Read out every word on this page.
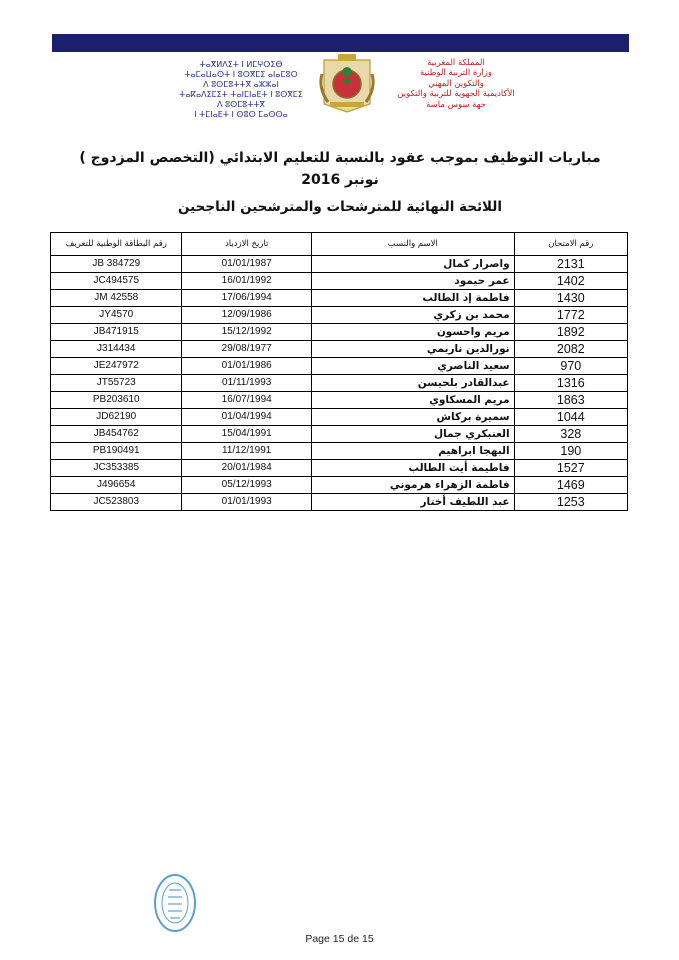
ⵜⴰⴳⵍⴷⵉⵜ ⵏ ⵍⵎⵖⵔⵉⴱ
ⵜⴰⵎⴰⵡⴰⵙⵜ ⵏ ⵓⵙⴳⵎⵉ ⴰⵏⴰⵎⵓⵔ
ⴷ ⵓⵙⵎⵓⵜⵜⴳ ⴰⵣⵣⴰⵏ
ⵜⴰⴽⴰⴷⵉⵎⵉⵜ ⵜⴰⵏⵎⵏⴰⴹⵜ ⵏ ⵓⵙⴳⵎⵉ
ⴷ ⵓⵙⵎⵓⵜⵜⴳ
ⵏ ⵜⵎⵏⴰⴹⵜ ⵏ ⵙⵓⵙ ⵎⴰⵙⵙⴰ
المملكة المغربية
وزارة التربية الوطنية
والتكوين المهني
الأكاديمية الجهوية للتربية والتكوين
جهة سوس ماسة
مباريات التوظيف بموجب عقود بالنسبة للتعليم الابتدائي (التخصص المزدوج )
نونبر 2016
اللائحة النهائية للمترشحات والمترشحين الناجحين
رقم الامتحان	الاسم والنسب	تاريخ الازدياد	رقم البطاقة الوطنية للتعريف
2131	واصرار كمال	01/01/1987	JB 384729
1402	عمر حيمود	16/01/1992	JC494575
1430	فاطمة إد الطالب	17/06/1994	JM 42558
1772	محمد بن زكري	12/09/1986	JY4570
1892	مريم واحسون	15/12/1992	JB471915
2082	نورالدين ناريمي	29/08/1977	J314434
970	سعيد الناصري	01/01/1986	JE247972
1316	عبدالقادر بلحيسن	01/11/1993	JT55723
1863	مريم المسكاوي	16/07/1994	PB203610
1044	سميرة بركاش	01/04/1994	JD62190
328	العنبكري جمال	15/04/1991	JB454762
190	البهجا ابراهيم	11/12/1991	PB190491
1527	فاطيمة أيت الطالب	20/01/1984	JC353385
1469	فاطمة الزهراء هرموني	05/12/1993	J496654
1253	عبد اللطيف أختار	01/01/1993	JC523803
Page 15 de 15
